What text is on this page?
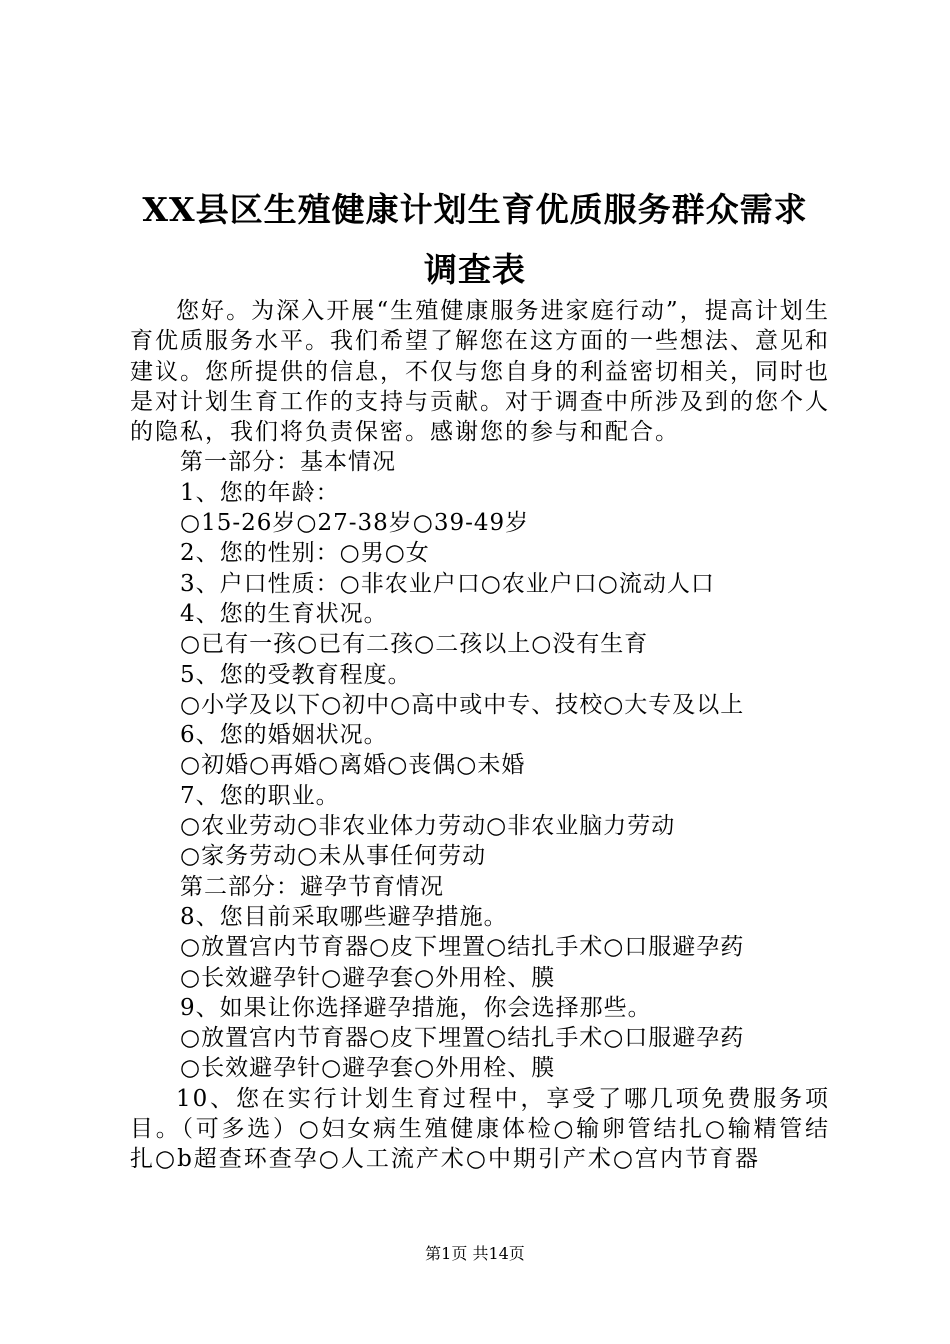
XX县区生殖健康计划生育优质服务群众需求
调查表

您好。为深入开展“生殖健康服务进家庭行动”，提高计划生育优质服务水平。我们希望了解您在这方面的一些想法、意见和建议。您所提供的信息，不仅与您自身的利益密切相关，同时也是对计划生育工作的支持与贡献。对于调查中所涉及到的您个人的隐私，我们将负责保密。感谢您的参与和配合。

第一部分：基本情况

1、您的年龄：

○15-26岁○27-38岁○39-49岁

2、您的性别：○男○女

3、户口性质：○非农业户口○农业户口○流动人口

4、您的生育状况。

○已有一孩○已有二孩○二孩以上○没有生育

5、您的受教育程度。

○小学及以下○初中○高中或中专、技校○大专及以上

6、您的婚姻状况。

○初婚○再婚○离婚○丧偶○未婚

7、您的职业。

○农业劳动○非农业体力劳动○非农业脑力劳动

○家务劳动○未从事任何劳动

第二部分：避孕节育情况

8、您目前采取哪些避孕措施。

○放置宫内节育器○皮下埋置○结扎手术○口服避孕药

○长效避孕针○避孕套○外用栓、膜

9、如果让你选择避孕措施，你会选择那些。

○放置宫内节育器○皮下埋置○结扎手术○口服避孕药

○长效避孕针○避孕套○外用栓、膜

10、您在实行计划生育过程中，享受了哪几项免费服务项目。（可多选）○妇女病生殖健康体检○输卵管结扎○输精管结扎○b超查环查孕○人工流产术○中期引产术○宫内节育器

第1页 共14页
